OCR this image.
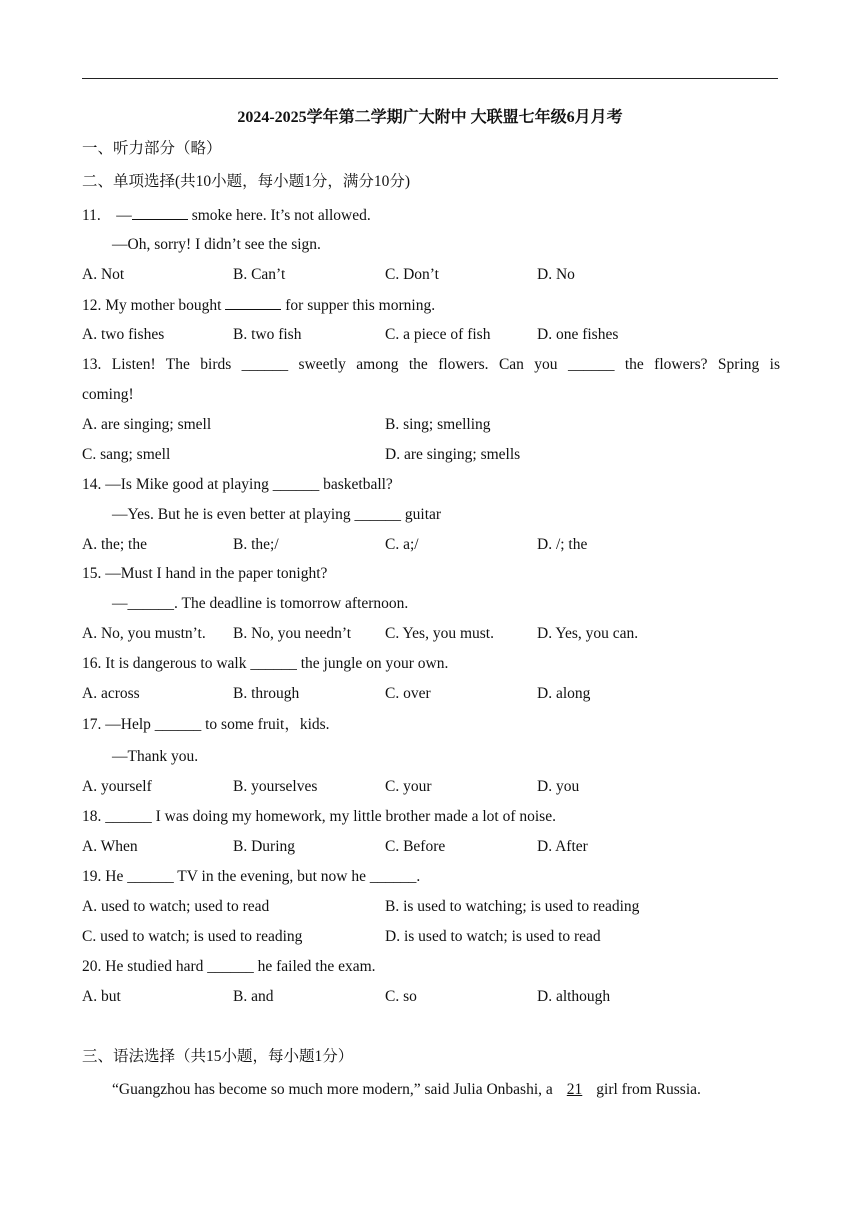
2024-2025学年第二学期广大附中 大联盟七年级6月月考
一、听力部分（略）
二、单项选择(共10小题，每小题1分，满分10分)
11.　—	smoke here. It’s not allowed.
—Oh, sorry! I didn’t see the sign.
A. Not	B. Can’t	C. Don’t	D. No
12. My mother bought	for supper this morning.
A. two fishes	B. two fish	C. a piece of fish	D. one fishes
13. Listen! The birds ______ sweetly among the flowers. Can you ______ the flowers? Spring is
coming!
A. are singing; smell	B. sing; smelling
C. sang; smell	D. are singing; smells
14. —Is Mike good at playing ______ basketball?
—Yes. But he is even better at playing ______ guitar
A. the; the	B. the;/	C. a;/	D. /; the
15. —Must I hand in the paper tonight?
—______. The deadline is tomorrow afternoon.
A. No, you mustn’t. B. No, you needn’t C. Yes, you must.	D. Yes, you can.
16. It is dangerous to walk ______ the jungle on your own.
A. across	B. through	C. over	D. along
17. —Help ______ to some fruit，kids.
—Thank you.
A. yourself	B. yourselves	C. your	D. you
18. ______ I was doing my homework, my little brother made a lot of noise.
A. When	B. During	C. Before	D. After
19. He ______ TV in the evening, but now he ______.
A. used to watch; used to read	B. is used to watching; is used to reading
C. used to watch; is used to reading	D. is used to watch; is used to read
20. He studied hard ______ he failed the exam.
A. but	B. and	C. so	D. although
三、语法选择（共15小题，每小题1分）
“Guangzhou has become so much more modern,” said Julia Onbashi, a 21 girl from Russia.
